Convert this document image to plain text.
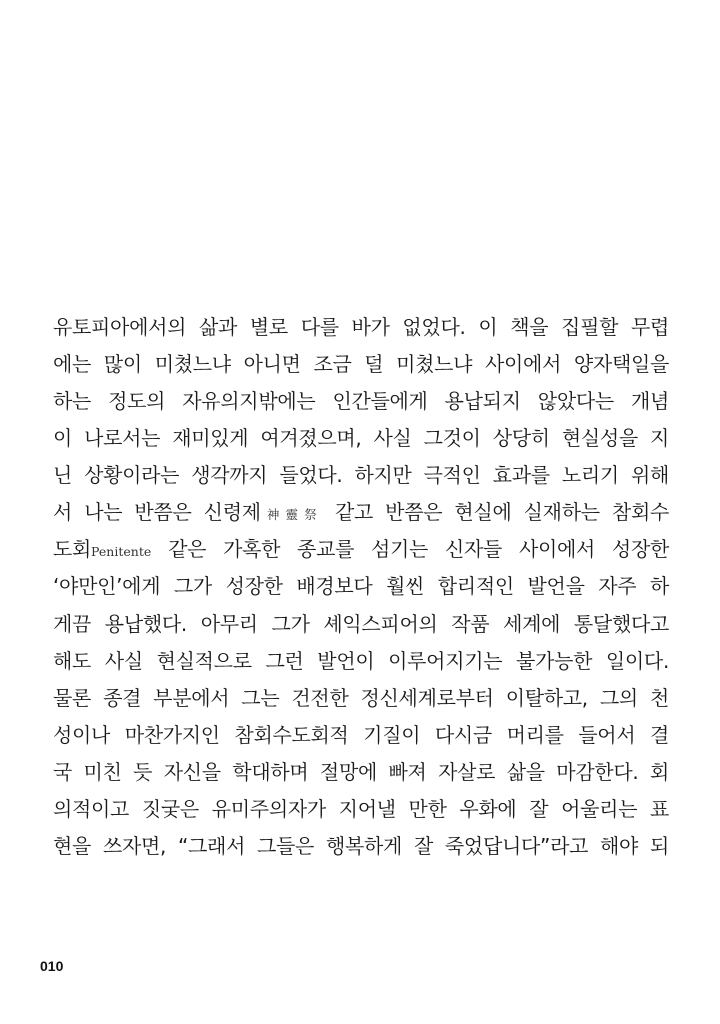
유토피아에서의 삶과 별로 다를 바가 없었다. 이 책을 집필할 무렵
에는 많이 미쳤느냐 아니면 조금 덜 미쳤느냐 사이에서 양자택일을
하는 정도의 자유의지밖에는 인간들에게 용납되지 않았다는 개념
이 나로서는 재미있게 여겨졌으며, 사실 그것이 상당히 현실성을 지
닌 상황이라는 생각까지 들었다. 하지만 극적인 효과를 노리기 위해
서 나는 반쯤은 신령제神靈祭 같고 반쯤은 현실에 실재하는 참회수
도회Penitente 같은 가혹한 종교를 섬기는 신자들 사이에서 성장한
‘야만인’에게 그가 성장한 배경보다 훨씬 합리적인 발언을 자주 하
게끔 용납했다. 아무리 그가 셰익스피어의 작품 세계에 통달했다고
해도 사실 현실적으로 그런 발언이 이루어지기는 불가능한 일이다.
물론 종결 부분에서 그는 건전한 정신세계로부터 이탈하고, 그의 천
성이나 마찬가지인 참회수도회적 기질이 다시금 머리를 들어서 결
국 미친 듯 자신을 학대하며 절망에 빠져 자살로 삶을 마감한다. 회
의적이고 짓궂은 유미주의자가 지어낼 만한 우화에 잘 어울리는 표
현을 쓰자면, “그래서 그들은 행복하게 잘 죽었답니다”라고 해야 되
010
